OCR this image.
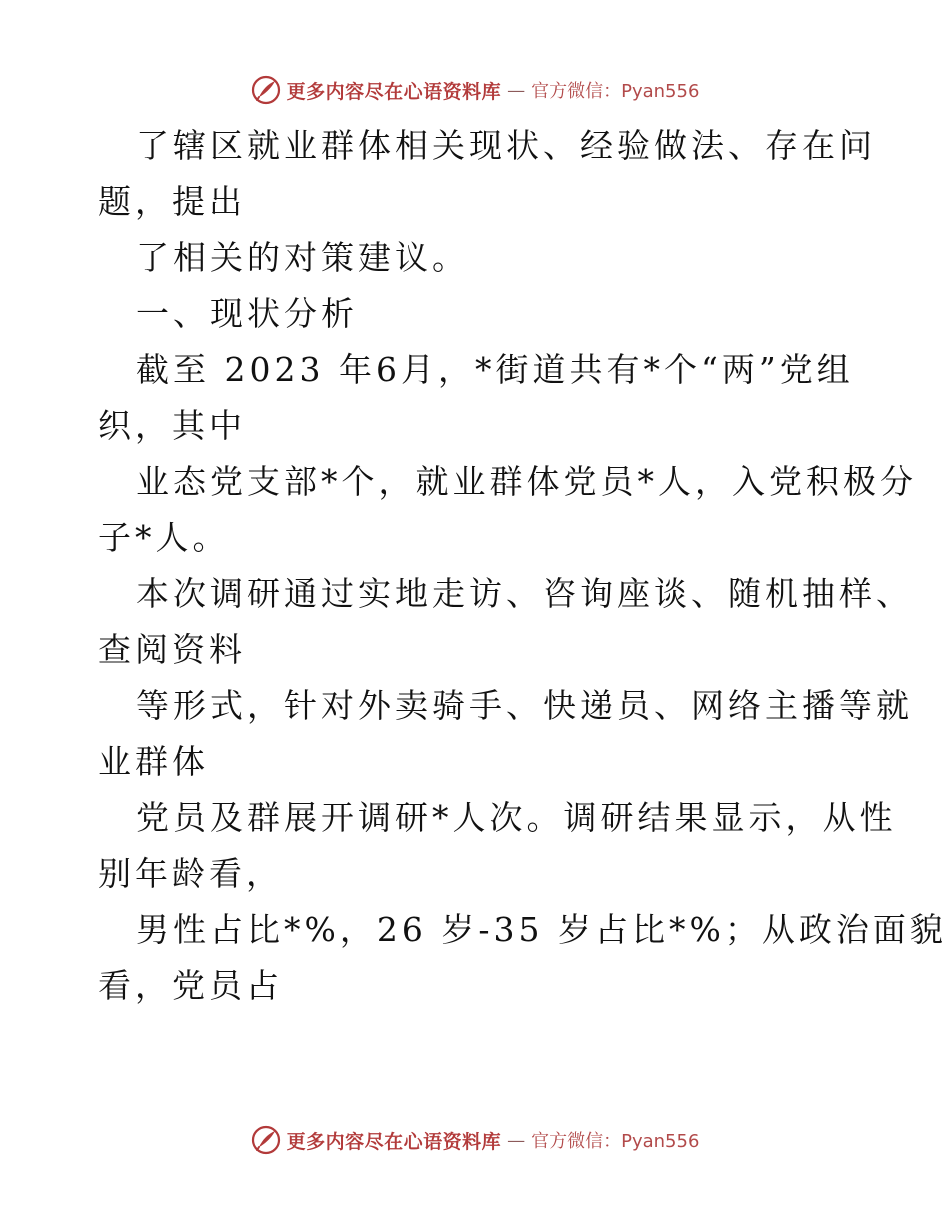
更多内容尽在心语资料库 — 官方微信：Pyan556
了辖区就业群体相关现状、经验做法、存在问
题，提出
了相关的对策建议。
一、现状分析
截至 2023 年6月，*街道共有*个“两”党组
织，其中
业态党支部*个，就业群体党员*人，入党积极分
子*人。
本次调研通过实地走访、咨询座谈、随机抽样、
查阅资料
等形式，针对外卖骑手、快递员、网络主播等就
业群体
党员及群展开调研*人次。调研结果显示，从性
别年龄看，
男性占比*%，26 岁-35 岁占比*%；从政治面貌
看，党员占
更多内容尽在心语资料库 — 官方微信：Pyan556
